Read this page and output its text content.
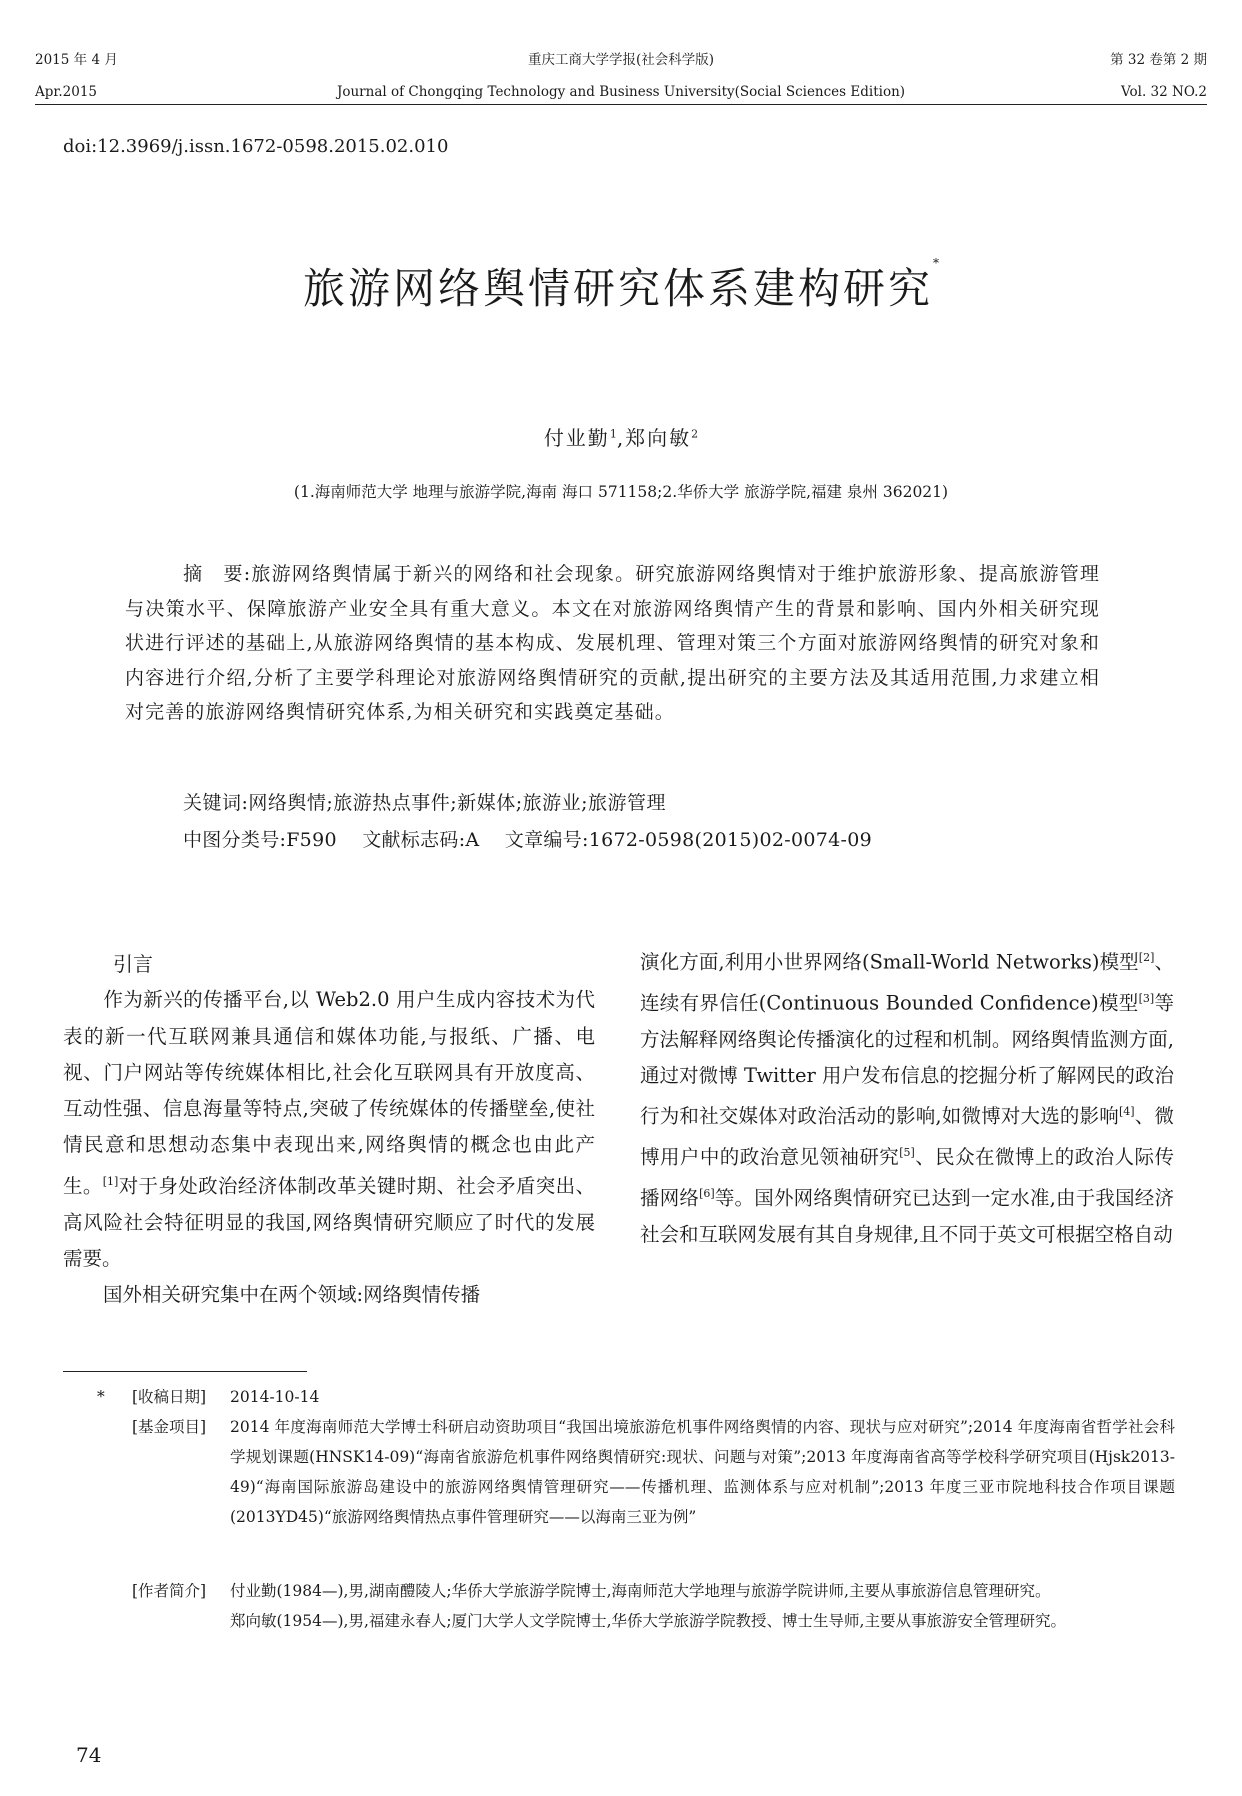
2015 年 4 月	重庆工商大学学报(社会科学版)	第 32 卷第 2 期
Apr.2015	Journal of Chongqing Technology and Business University(Social Sciences Edition)	Vol. 32 NO.2
doi:12.3969/j.issn.1672-0598.2015.02.010
旅游网络舆情研究体系建构研究*
付业勤$^1$,郑向敏$^2$
(1.海南师范大学 地理与旅游学院,海南 海口 571158;2.华侨大学 旅游学院,福建 泉州 362021)
摘　要:旅游网络舆情属于新兴的网络和社会现象。研究旅游网络舆情对于维护旅游形象、提高旅游管理与决策水平、保障旅游产业安全具有重大意义。本文在对旅游网络舆情产生的背景和影响、国内外相关研究现状进行评述的基础上,从旅游网络舆情的基本构成、发展机理、管理对策三个方面对旅游网络舆情的研究对象和内容进行介绍,分析了主要学科理论对旅游网络舆情研究的贡献,提出研究的主要方法及其适用范围,力求建立相对完善的旅游网络舆情研究体系,为相关研究和实践奠定基础。
关键词:网络舆情;旅游热点事件;新媒体;旅游业;旅游管理
中图分类号:F590    文献标志码:A    文章编号:1672-0598(2015)02-0074-09

引言

作为新兴的传播平台,以 Web2.0 用户生成内容技术为代表的新一代互联网兼具通信和媒体功能,与报纸、广播、电视、门户网站等传统媒体相比,社会化互联网具有开放度高、互动性强、信息海量等特点,突破了传统媒体的传播壁垒,使社情民意和思想动态集中表现出来,网络舆情的概念也由此产生。[1]对于身处政治经济体制改革关键时期、社会矛盾突出、高风险社会特征明显的我国,网络舆情研究顺应了时代的发展需要。

国外相关研究集中在两个领域:网络舆情传播

演化方面,利用小世界网络(Small-World Networks)模型[2]、连续有界信任(Continuous Bounded Confidence)模型[3]等方法解释网络舆论传播演化的过程和机制。网络舆情监测方面,通过对微博 Twitter 用户发布信息的挖掘分析了解网民的政治行为和社交媒体对政治活动的影响,如微博对大选的影响[4]、微博用户中的政治意见领袖研究[5]、民众在微博上的政治人际传播网络[6]等。国外网络舆情研究已达到一定水准,由于我国经济社会和互联网发展有其自身规律,且不同于英文可根据空格自动

* [收稿日期] 2014-10-14
[基金项目] 2014 年度海南师范大学博士科研启动资助项目“我国出境旅游危机事件网络舆情的内容、现状与应对研究”;2014 年度海南省哲学社会科学规划课题(HNSK14-09)“海南省旅游危机事件网络舆情研究:现状、问题与对策”;2013 年度海南省高等学校科学研究项目(Hjsk2013-49)“海南国际旅游岛建设中的旅游网络舆情管理研究——传播机理、监测体系与应对机制”;2013 年度三亚市院地科技合作项目课题(2013YD45)“旅游网络舆情热点事件管理研究——以海南三亚为例”
[作者简介] 付业勤(1984—),男,湖南醴陵人;华侨大学旅游学院博士,海南师范大学地理与旅游学院讲师,主要从事旅游信息管理研究。
郑向敏(1954—),男,福建永春人;厦门大学人文学院博士,华侨大学旅游学院教授、博士生导师,主要从事旅游安全管理研究。
74
